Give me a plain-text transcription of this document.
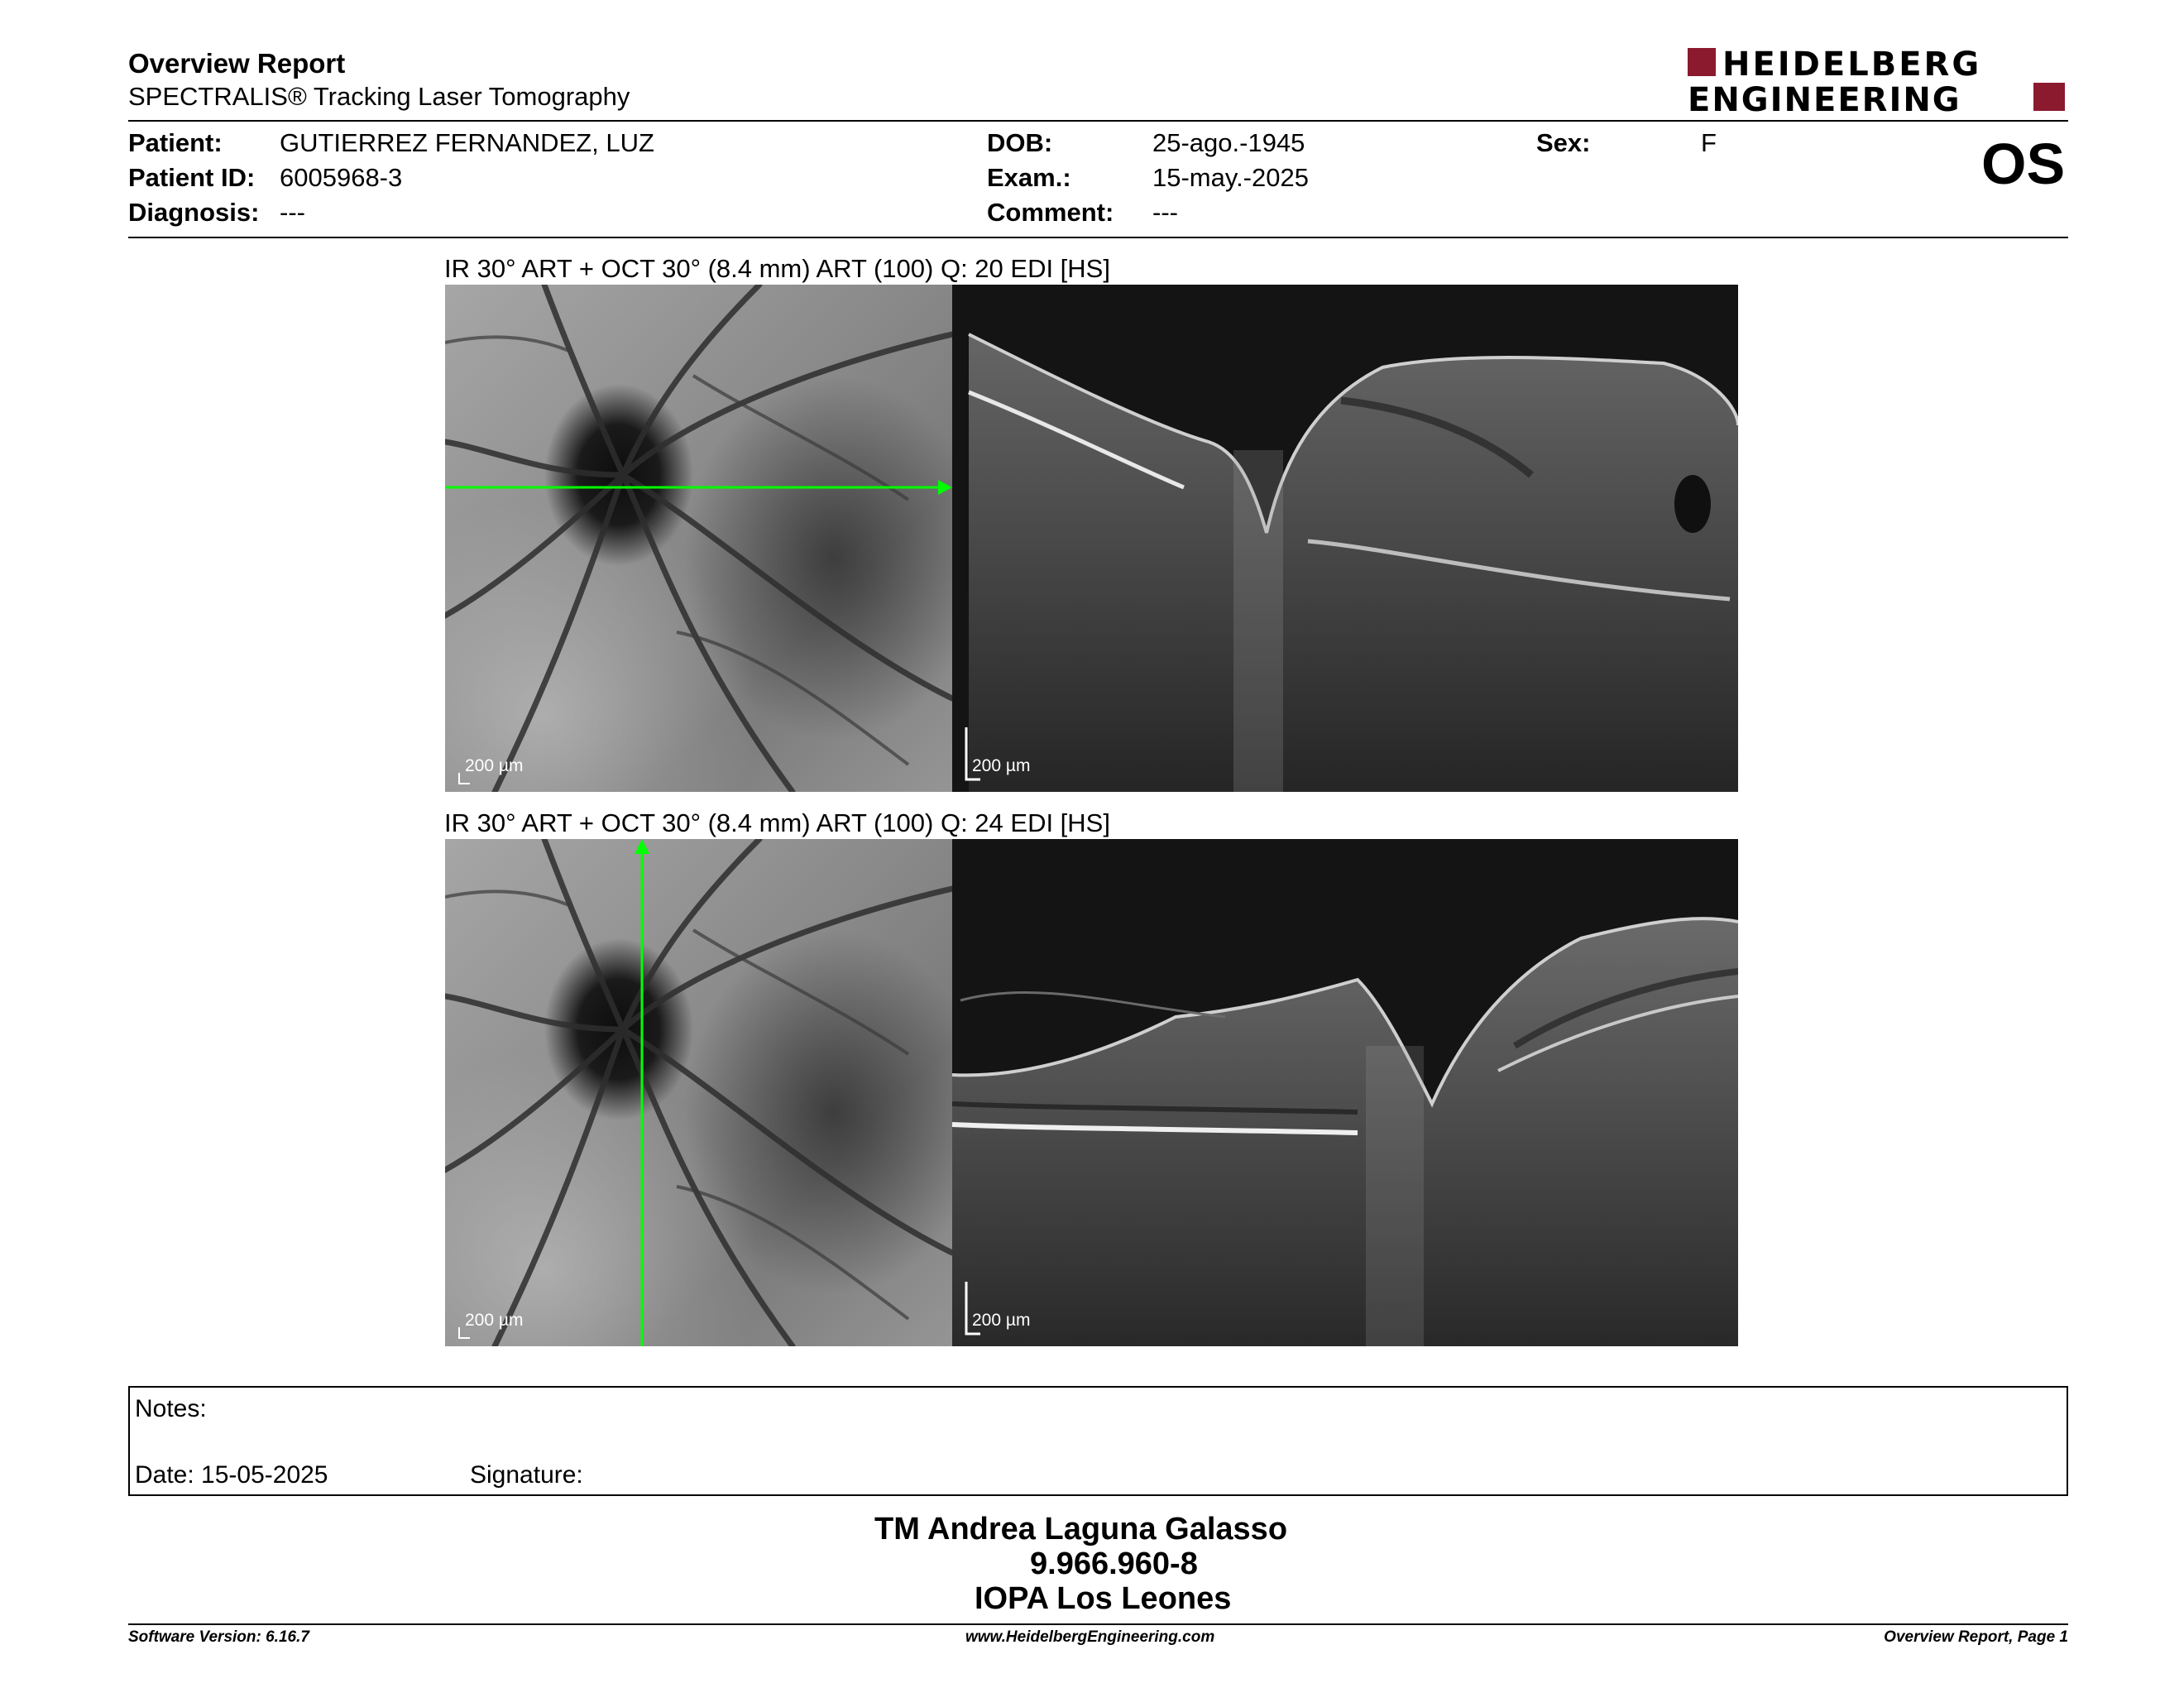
Overview Report
SPECTRALIS® Tracking Laser Tomography
HEIDELBERG
ENGINEERING
Patient: GUTIERREZ FERNANDEZ, LUZ
Patient ID: 6005968-3
Diagnosis: ---
DOB:	25-ago.-1945
Exam.:	15-may.-2025
Comment: ---
Sex:	F	OS
IR 30° ART + OCT 30° (8.4 mm) ART (100) Q: 20 EDI [HS]
200 µm	200 µm
IR 30° ART + OCT 30° (8.4 mm) ART (100) Q: 24 EDI [HS]
200 µm	200 µm
Notes:
Date: 15-05-2025	Signature:
TM Andrea Laguna Galasso
9.966.960-8
IOPA Los Leones
Software Version: 6.16.7	www.HeidelbergEngineering.com	Overview Report, Page 1
